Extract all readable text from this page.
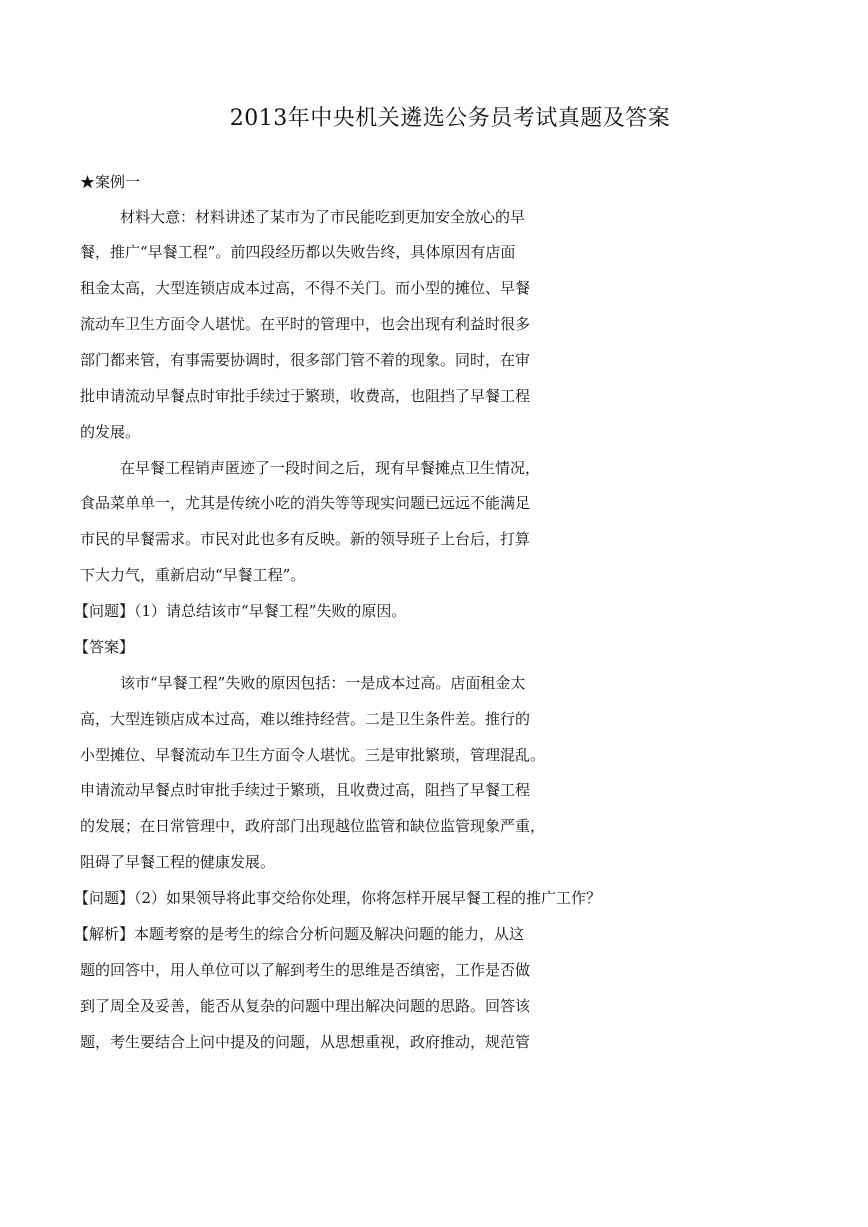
2013年中央机关遴选公务员考试真题及答案
★案例一
材料大意：材料讲述了某市为了市民能吃到更加安全放心的早
餐，推广“早餐工程”。前四段经历都以失败告终，具体原因有店面
租金太高，大型连锁店成本过高，不得不关门。而小型的摊位、早餐
流动车卫生方面令人堪忧。在平时的管理中，也会出现有利益时很多
部门都来管，有事需要协调时，很多部门管不着的现象。同时，在审
批申请流动早餐点时审批手续过于繁琐，收费高，也阻挡了早餐工程
的发展。
在早餐工程销声匿迹了一段时间之后，现有早餐摊点卫生情况，
食品菜单单一，尤其是传统小吃的消失等等现实问题已远远不能满足
市民的早餐需求。市民对此也多有反映。新的领导班子上台后，打算
下大力气，重新启动“早餐工程”。
【问题】（1）请总结该市“早餐工程”失败的原因。
【答案】
该市“早餐工程”失败的原因包括：一是成本过高。店面租金太
高，大型连锁店成本过高，难以维持经营。二是卫生条件差。推行的
小型摊位、早餐流动车卫生方面令人堪忧。三是审批繁琐，管理混乱。
申请流动早餐点时审批手续过于繁琐，且收费过高，阻挡了早餐工程
的发展；在日常管理中，政府部门出现越位监管和缺位监管现象严重，
阻碍了早餐工程的健康发展。
【问题】（2）如果领导将此事交给你处理，你将怎样开展早餐工程的推广工作？
【解析】本题考察的是考生的综合分析问题及解决问题的能力，从这
题的回答中，用人单位可以了解到考生的思维是否缜密，工作是否做
到了周全及妥善，能否从复杂的问题中理出解决问题的思路。回答该
题，考生要结合上问中提及的问题，从思想重视，政府推动，规范管
